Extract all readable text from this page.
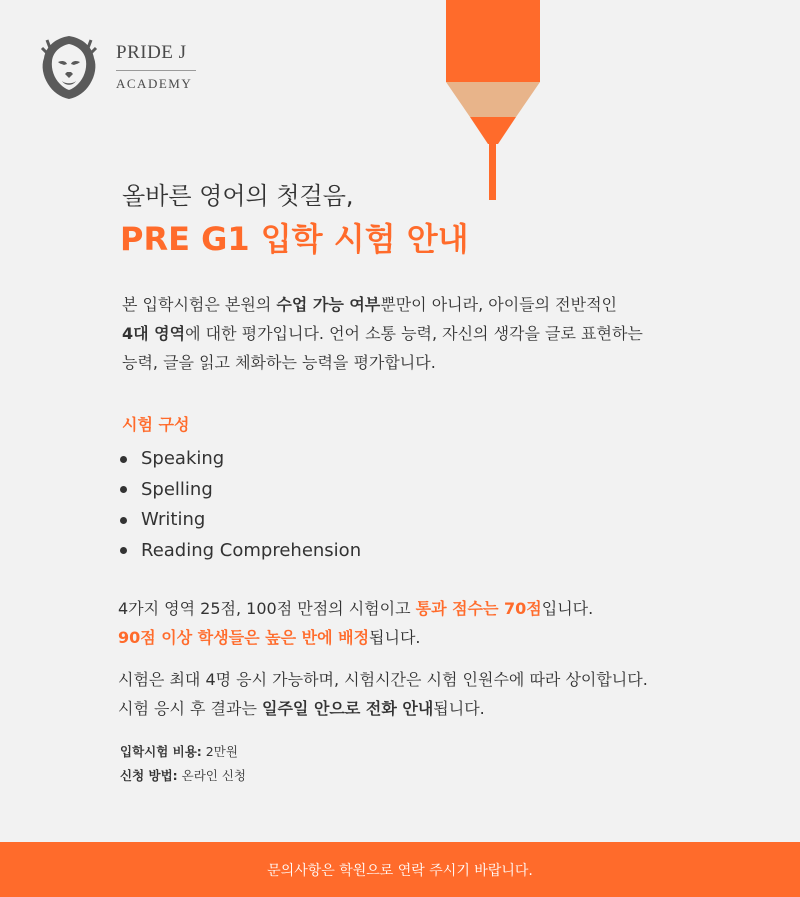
PRIDE J
ACADEMY
올바른 영어의 첫걸음,
PRE G1 입학 시험 안내

본 입학시험은 본원의 수업 가능 여부뿐만이 아니라, 아이들의 전반적인

4대 영역에 대한 평가입니다. 언어 소통 능력, 자신의 생각을 글로 표현하는

능력, 글을 읽고 체화하는 능력을 평가합니다.

시험 구성
Speaking
Spelling
Writing
Reading Comprehension

4가지 영역 25점, 100점 만점의 시험이고 통과 점수는 70점입니다.

90점 이상 학생들은 높은 반에 배정됩니다.

시험은 최대 4명 응시 가능하며, 시험시간은 시험 인원수에 따라 상이합니다.

시험 응시 후 결과는 일주일 안으로 전화 안내됩니다.

입학시험 비용: 2만원

신청 방법: 온라인 신청

문의사항은 학원으로 연락 주시기 바랍니다.
